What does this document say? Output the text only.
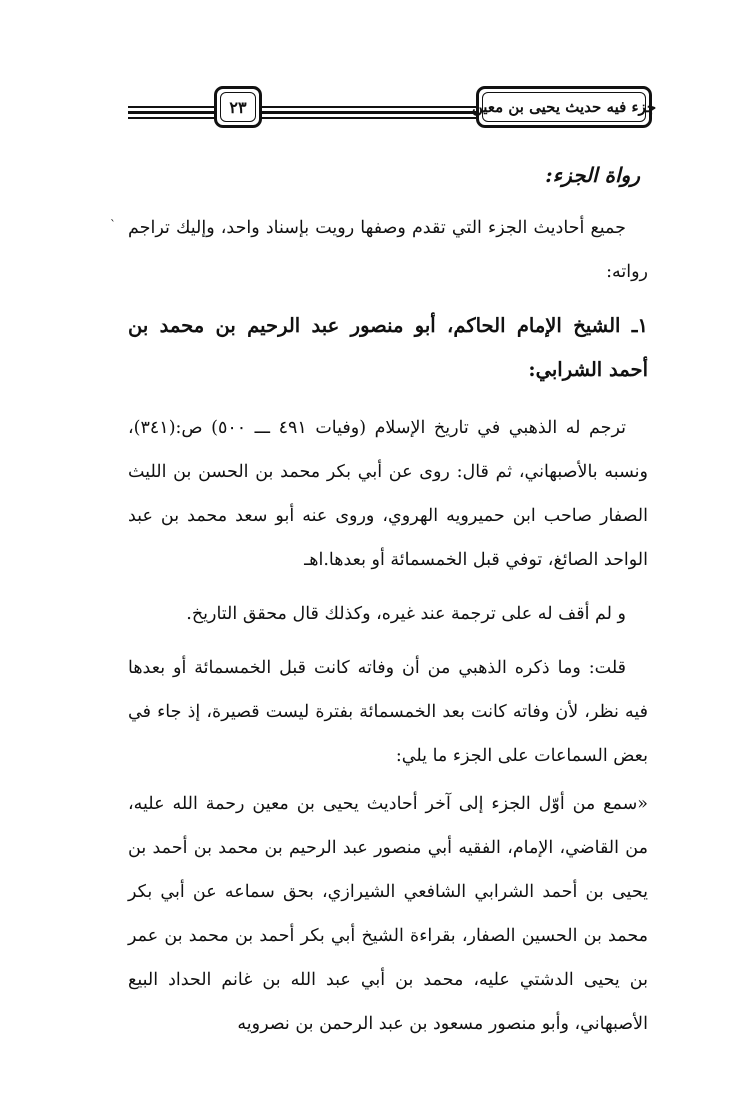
جزء فيه حديث يحيى بن معين
٢٣
`
رواة الجزء:

جميع أحاديث الجزء التي تقدم وصفها رويت بإسناد واحد، وإليك تراجم رواته:

١ـ الشيخ الإمام الحاكم، أبو منصور عبد الرحيم بن محمد بن أحمد الشرابي:

ترجم له الذهبي في تاريخ الإسلام (وفيات ٤٩١ ـــ ٥٠٠) ص:(٣٤١)، ونسبه بالأصبهاني، ثم قال: روى عن أبي بكر محمد بن الحسن بن الليث الصفار صاحب ابن حميرويه الهروي، وروى عنه أبو سعد محمد بن عبد الواحد الصائغ، توفي قبل الخمسمائة أو بعدها.اهـ

و لم أقف له على ترجمة عند غيره، وكذلك قال محقق التاريخ.

قلت: وما ذكره الذهبي من أن وفاته كانت قبل الخمسمائة أو بعدها فيه نظر، لأن وفاته كانت بعد الخمسمائة بفترة ليست قصيرة، إذ جاء في بعض السماعات على الجزء ما يلي:

«سمع من أوّل الجزء إلى آخر أحاديث يحيى بن معين رحمة الله عليه، من القاضي، الإمام، الفقيه أبي منصور عبد الرحيم بن محمد بن أحمد بن يحيى بن أحمد الشرابي الشافعي الشيرازي، بحق سماعه عن أبي بكر محمد بن الحسين الصفار، بقراءة الشيخ أبي بكر أحمد بن محمد بن عمر بن يحيى الدشتي عليه، محمد بن أبي عبد الله بن غانم الحداد البيع الأصبهاني، وأبو منصور مسعود بن عبد الرحمن بن نصرويه
